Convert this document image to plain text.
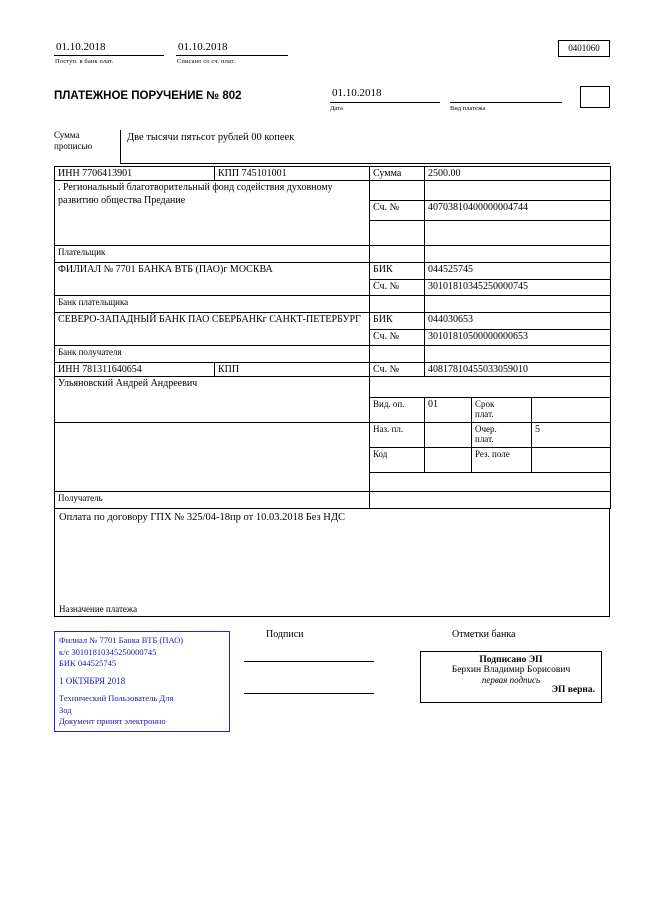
01.10.2018
Поступ. в банк плат.
01.10.2018
Списано со сч. плат.
0401060
ПЛАТЕЖНОЕ ПОРУЧЕНИЕ № 802	01.10.2018
Дата	Вид платежа
Сумма
прописью
Две тысячи пятьсот рублей 00 копеек
ИНН 7706413901	КПП 745101001	Сумма	2500.00		

. Региональный благотворительный фонд содействия духовному развитию общества Предание					

		Сч. №	40703810400000004744		

Плательщик					

ФИЛИАЛ № 7701 БАНКА ВТБ (ПАО)г МОСКВА		БИК	044525745		
		Сч. №	30101810345250000745		
Банк плательщика					

СЕВЕРО-ЗАПАДНЫЙ БАНК ПАО СБЕРБАНКг САНКТ-ПЕТЕРБУРГ		БИК	044030653		
		Сч. №	30101810500000000653		
Банк получателя					
ИНН 781311640654	КПП	Сч. №	40817810455033059010		

Ульяновский Андрей Андреевич					

		Вид. оп.	01	Срок
плат.	

		Наз. пл.		Очер.
плат.	5
		Код		Рез. поле	

Получатель					
Оплата по договору ГПХ № 325/04-18пр от 10.03.2018 Без НДС
Назначение платежа
Филиал № 7701 Банка ВТБ (ПАО)
к/с 30101810345250000745
БИК 044525745
1 ОКТЯБРЯ 2018
Технический Пользователь Для
Зод
Документ принят электронно
Подписи	Отметки банка
Подписано ЭП
Берхин Владимир Борисович
первая подпись
ЭП верна.
